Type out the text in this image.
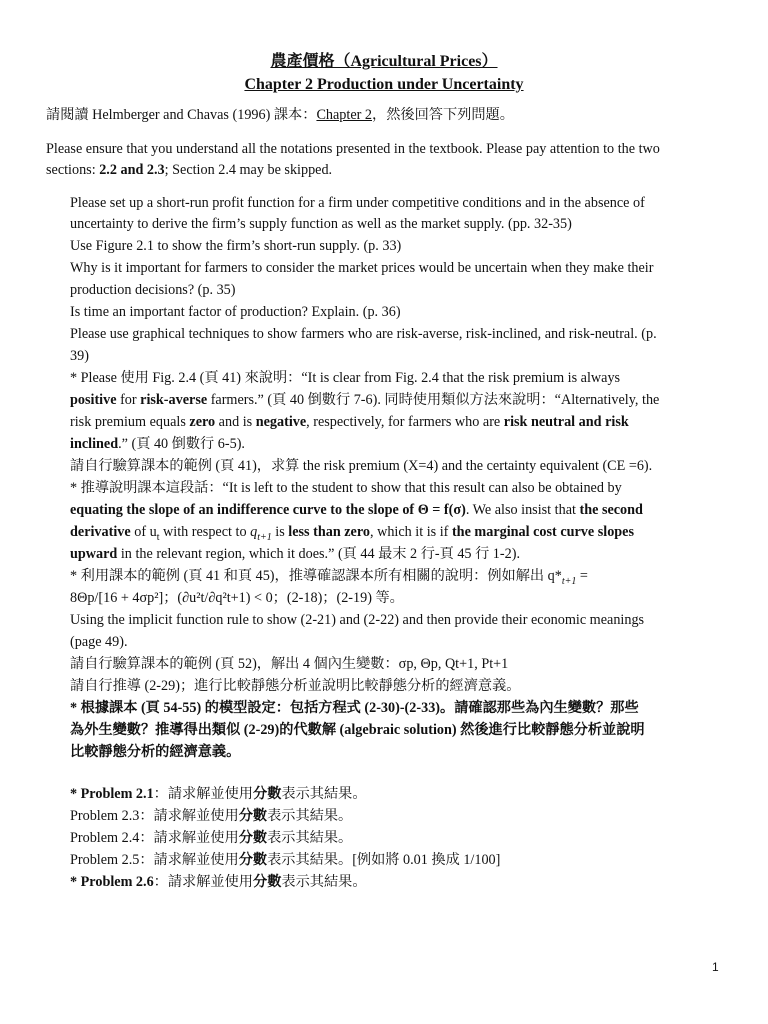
農產價格（Agricultural Prices）
Chapter 2 Production under Uncertainty
請閱讀 Helmberger and Chavas (1996) 課本：Chapter 2，然後回答下列問題。
Please ensure that you understand all the notations presented in the textbook. Please pay attention to the two
sections: 2.2 and 2.3; Section 2.4 may be skipped.
Please set up a short-run profit function for a firm under competitive conditions and in the absence of
uncertainty to derive the firm’s supply function as well as the market supply. (pp. 32-35)
Use Figure 2.1 to show the firm’s short-run supply. (p. 33)
Why is it important for farmers to consider the market prices would be uncertain when they make their
production decisions? (p. 35)
Is time an important factor of production? Explain. (p. 36)
Please use graphical techniques to show farmers who are risk-averse, risk-inclined, and risk-neutral. (p.
39)
* Please 使用 Fig. 2.4 (頁 41) 來說明：“It is clear from Fig. 2.4 that the risk premium is always
positive for risk-averse farmers.” (頁 40 倒數行 7-6). 同時使用類似方法來說明：“Alternatively, the
risk premium equals zero and is negative, respectively, for farmers who are risk neutral and risk
inclined.” (頁 40 倒數行 6-5).
請自行驗算課本的範例 (頁 41)，求算 the risk premium (X=4) and the certainty equivalent (CE =6).
* 推導說明課本這段話：“It is left to the student to show that this result can also be obtained by
equating the slope of an indifference curve to the slope of Θ = f(σ). We also insist that the second
derivative of $u_t$ with respect to $q_{t+1}$ is less than zero, which it is if the marginal cost curve slopes
upward in the relevant region, which it does.” (頁 44 最末 2 行-頁 45 行 1-2).
* 利用課本的範例 (頁 41 和頁 45)，推導確認課本所有相關的說明：例如解出 $q*_{t+1}$ =
8Θp/[16 + 4σp²]；(∂u²t/∂q²t+1) < 0；(2-18)；(2-19) 等。
Using the implicit function rule to show (2-21) and (2-22) and then provide their economic meanings
(page 49).
請自行驗算課本的範例 (頁 52)，解出 4 個內生變數：σp, Θp, Qt+1, Pt+1
請自行推導 (2-29)；進行比較靜態分析並說明比較靜態分析的經濟意義。
* 根據課本 (頁 54-55) 的模型設定：包括方程式 (2-30)-(2-33)。請確認那些為內生變數？那些
為外生變數？推導得出類似 (2-29)的代數解 (algebraic solution) 然後進行比較靜態分析並說明
比較靜態分析的經濟意義。
* Problem 2.1：請求解並使用分數表示其結果。
Problem 2.3：請求解並使用分數表示其結果。
Problem 2.4：請求解並使用分數表示其結果。
Problem 2.5：請求解並使用分數表示其結果。[例如將 0.01 換成 1/100]
* Problem 2.6：請求解並使用分數表示其結果。
1
